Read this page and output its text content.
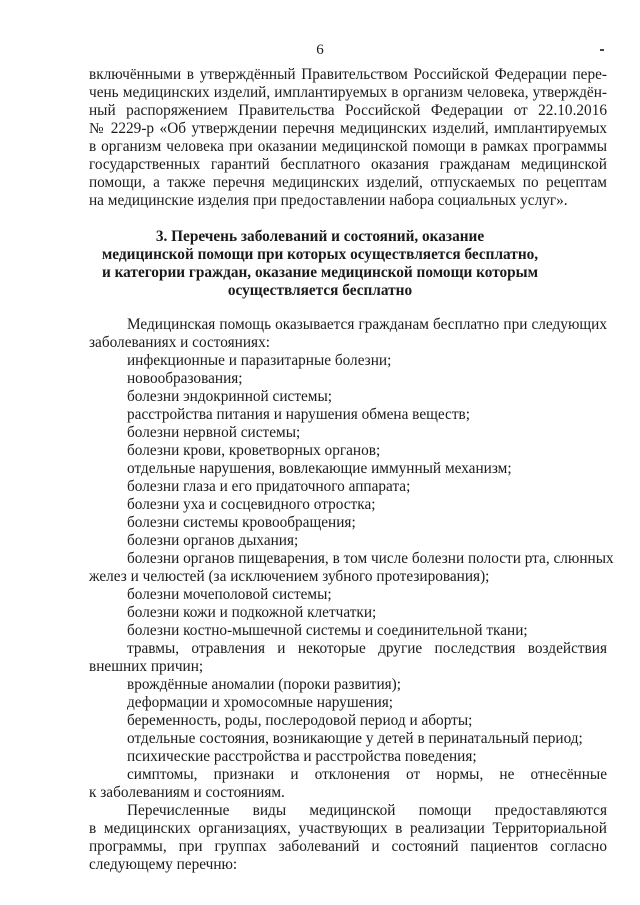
6
включёнными в утверждённый Правительством Российской Федерации пере-
чень медицинских изделий, имплантируемых в организм человека, утверждён-
ный распоряжением Правительства Российской Федерации от 22.10.2016
№ 2229-р «Об утверждении перечня медицинских изделий, имплантируемых
в организм человека при оказании медицинской помощи в рамках программы
государственных гарантий бесплатного оказания гражданам медицинской
помощи, а также перечня медицинских изделий, отпускаемых по рецептам
на медицинские изделия при предоставлении набора социальных услуг».
3. Перечень заболеваний и состояний, оказание
медицинской помощи при которых осуществляется бесплатно,
и категории граждан, оказание медицинской помощи которым
осуществляется бесплатно
Медицинская помощь оказывается гражданам бесплатно при следующих
заболеваниях и состояниях:
инфекционные и паразитарные болезни;
новообразования;
болезни эндокринной системы;
расстройства питания и нарушения обмена веществ;
болезни нервной системы;
болезни крови, кроветворных органов;
отдельные нарушения, вовлекающие иммунный механизм;
болезни глаза и его придаточного аппарата;
болезни уха и сосцевидного отростка;
болезни системы кровообращения;
болезни органов дыхания;
болезни органов пищеварения, в том числе болезни полости рта, слюнных
желез и челюстей (за исключением зубного протезирования);
болезни мочеполовой системы;
болезни кожи и подкожной клетчатки;
болезни костно-мышечной системы и соединительной ткани;
травмы, отравления и некоторые другие последствия воздействия
внешних причин;
врождённые аномалии (пороки развития);
деформации и хромосомные нарушения;
беременность, роды, послеродовой период и аборты;
отдельные состояния, возникающие у детей в перинатальный период;
психические расстройства и расстройства поведения;
симптомы, признаки и отклонения от нормы, не отнесённые
к заболеваниям и состояниям.
Перечисленные виды медицинской помощи предоставляются
в медицинских организациях, участвующих в реализации Территориальной
программы, при группах заболеваний и состояний пациентов согласно
следующему перечню:
